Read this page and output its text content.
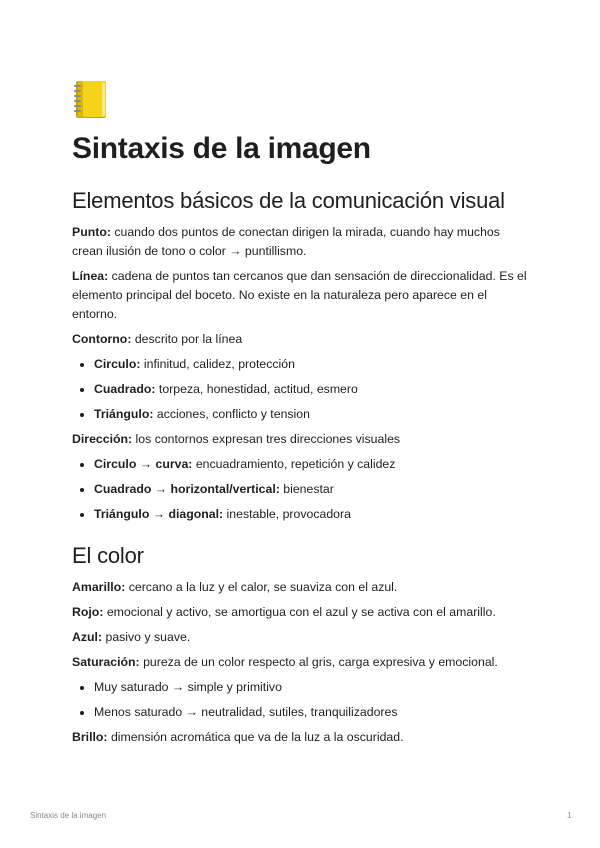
Sintaxis de la imagen
Elementos básicos de la comunicación visual

Punto: cuando dos puntos de conectan dirigen la mirada, cuando hay muchos crean ilusión de tono o color → puntillismo.

Línea: cadena de puntos tan cercanos que dan sensación de direccionalidad. Es el elemento principal del boceto. No existe en la naturaleza pero aparece en el entorno.

Contorno: descrito por la línea

• Circulo: infinitud, calidez, protección
• Cuadrado: torpeza, honestidad, actitud, esmero
• Triángulo: acciones, conflicto y tension

Dirección: los contornos expresan tres direcciones visuales

• Circulo → curva: encuadramiento, repetición y calidez
• Cuadrado → horizontal/vertical: bienestar
• Triángulo → diagonal: inestable, provocadora
El color

Amarillo: cercano a la luz y el calor, se suaviza con el azul.

Rojo: emocional y activo, se amortigua con el azul y se activa con el amarillo.

Azul: pasivo y suave.

Saturación: pureza de un color respecto al gris, carga expresiva y emocional.

• Muy saturado → simple y primitivo
• Menos saturado → neutralidad, sutiles, tranquilizadores

Brillo: dimensión acromática que va de la luz a la oscuridad.

Sintaxis de la imagen	1
